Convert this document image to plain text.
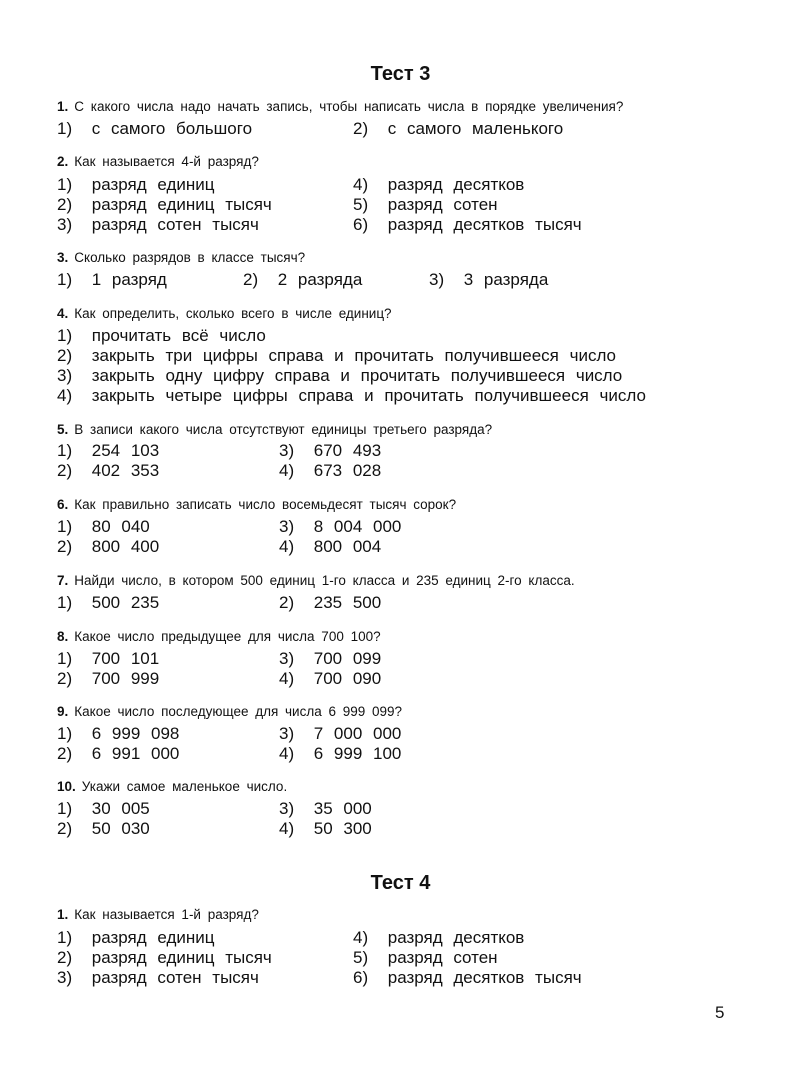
Тест 3
1. С какого числа надо начать запись, чтобы написать числа в порядке увеличения?
1) с самого большого	2) с самого маленького
2. Как называется 4-й разряд?
1) разряд единиц	4) разряд десятков
2) разряд единиц тысяч	5) разряд сотен
3) разряд сотен тысяч	6) разряд десятков тысяч
3. Сколько разрядов в классе тысяч?
1) 1 разряд	2) 2 разряда	3) 3 разряда
4. Как определить, сколько всего в числе единиц?
1) прочитать всё число
2) закрыть три цифры справа и прочитать получившееся число
3) закрыть одну цифру справа и прочитать получившееся число
4) закрыть четыре цифры справа и прочитать получившееся число
5. В записи какого числа отсутствуют единицы третьего разряда?
1) 254 103	3) 670 493
2) 402 353	4) 673 028
6. Как правильно записать число восемьдесят тысяч сорок?
1) 80 040	3) 8 004 000
2) 800 400	4) 800 004
7. Найди число, в котором 500 единиц 1-го класса и 235 единиц 2-го класса.
1) 500 235	2) 235 500
8. Какое число предыдущее для числа 700 100?
1) 700 101	3) 700 099
2) 700 999	4) 700 090
9. Какое число последующее для числа 6 999 099?
1) 6 999 098	3) 7 000 000
2) 6 991 000	4) 6 999 100
10. Укажи самое маленькое число.
1) 30 005	3) 35 000
2) 50 030	4) 50 300
Тест 4
1. Как называется 1-й разряд?
1) разряд единиц	4) разряд десятков
2) разряд единиц тысяч	5) разряд сотен
3) разряд сотен тысяч	6) разряд десятков тысяч
5
